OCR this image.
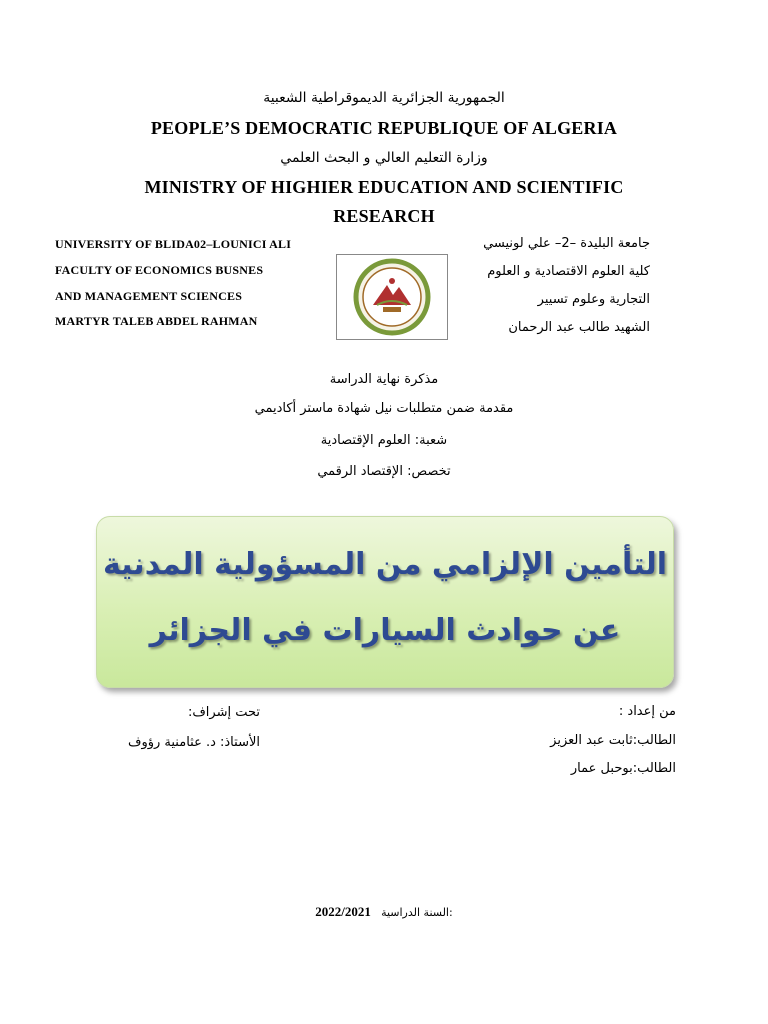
الجمهورية الجزائرية الديموقراطية الشعبية
PEOPLE’S DEMOCRATIC REPUBLIQUE OF ALGERIA
وزارة التعليم العالي و البحث العلمي
MINISTRY OF HIGHIER EDUCATION AND SCIENTIFIC
RESEARCH
UNIVERSITY OF BLIDA02–LOUNICI ALI
FACULTY OF ECONOMICS BUSNES
AND MANAGEMENT SCIENCES
MARTYR TALEB ABDEL RAHMAN
جامعة البليدة –2– علي لونيسي
كلية العلوم الاقتصادية و العلوم
التجارية وعلوم تسيير
الشهيد طالب عبد الرحمان
مذكرة نهاية الدراسة
مقدمة ضمن متطلبات نيل شهادة ماستر أكاديمي
شعبة: العلوم الإقتصادية
تخصص: الإقتصاد الرقمي
التأمين الإلزامي من المسؤولية المدنية
عن حوادث السيارات في الجزائر
من إعداد :
الطالب:ثابت عبد العزيز
الطالب:بوحبل عمار
تحت إشراف:
الأستاذ: د. عثامنية رؤوف
2022/2021 السنة الدراسية:
